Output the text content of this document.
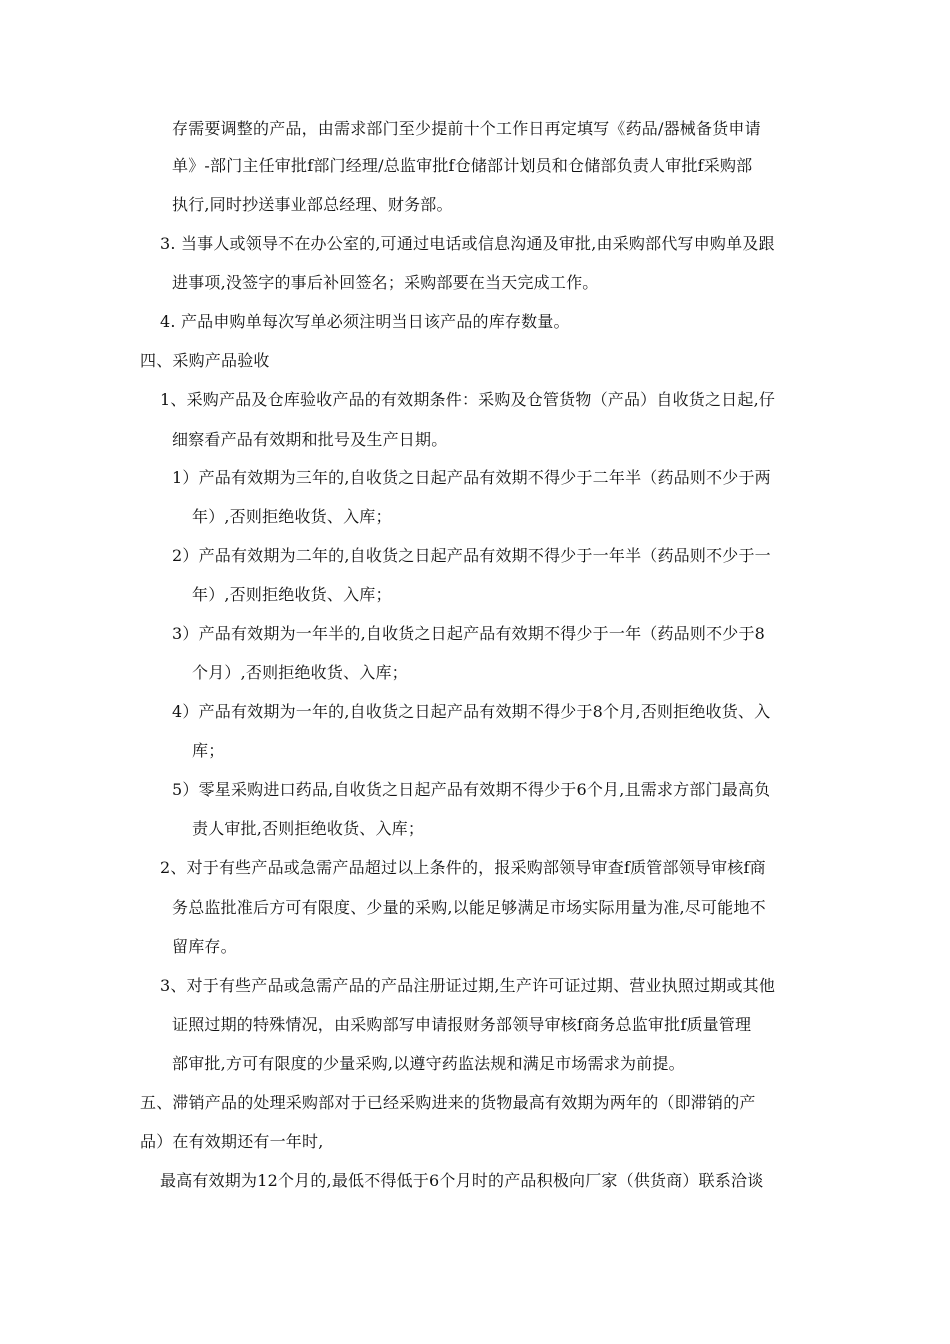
存需要调整的产品，由需求部门至少提前十个工作日再定填写《药品/器械备货申请
单》-部门主任审批f部门经理/总监审批f仓储部计划员和仓储部负责人审批f采购部
执行,同时抄送事业部总经理、财务部。
3. 当事人或领导不在办公室的,可通过电话或信息沟通及审批,由采购部代写申购单及跟
进事项,没签字的事后补回签名；采购部要在当天完成工作。
4. 产品申购单每次写单必须注明当日该产品的库存数量。
四、采购产品验收
1、采购产品及仓库验收产品的有效期条件：采购及仓管货物（产品）自收货之日起,仔
细察看产品有效期和批号及生产日期。
1）产品有效期为三年的,自收货之日起产品有效期不得少于二年半（药品则不少于两
年）,否则拒绝收货、入库；
2）产品有效期为二年的,自收货之日起产品有效期不得少于一年半（药品则不少于一
年）,否则拒绝收货、入库；
3）产品有效期为一年半的,自收货之日起产品有效期不得少于一年（药品则不少于8
个月）,否则拒绝收货、入库；
4）产品有效期为一年的,自收货之日起产品有效期不得少于8个月,否则拒绝收货、入
库；
5）零星采购进口药品,自收货之日起产品有效期不得少于6个月,且需求方部门最高负
责人审批,否则拒绝收货、入库；
2、对于有些产品或急需产品超过以上条件的，报采购部领导审查f质管部领导审核f商
务总监批准后方可有限度、少量的采购,以能足够满足市场实际用量为准,尽可能地不
留库存。
3、对于有些产品或急需产品的产品注册证过期,生产许可证过期、营业执照过期或其他
证照过期的特殊情况，由采购部写申请报财务部领导审核f商务总监审批f质量管理
部审批,方可有限度的少量采购,以遵守药监法规和满足市场需求为前提。
五、滞销产品的处理采购部对于已经采购进来的货物最高有效期为两年的（即滞销的产
品）在有效期还有一年时,
最高有效期为12个月的,最低不得低于6个月时的产品积极向厂家（供货商）联系洽谈
